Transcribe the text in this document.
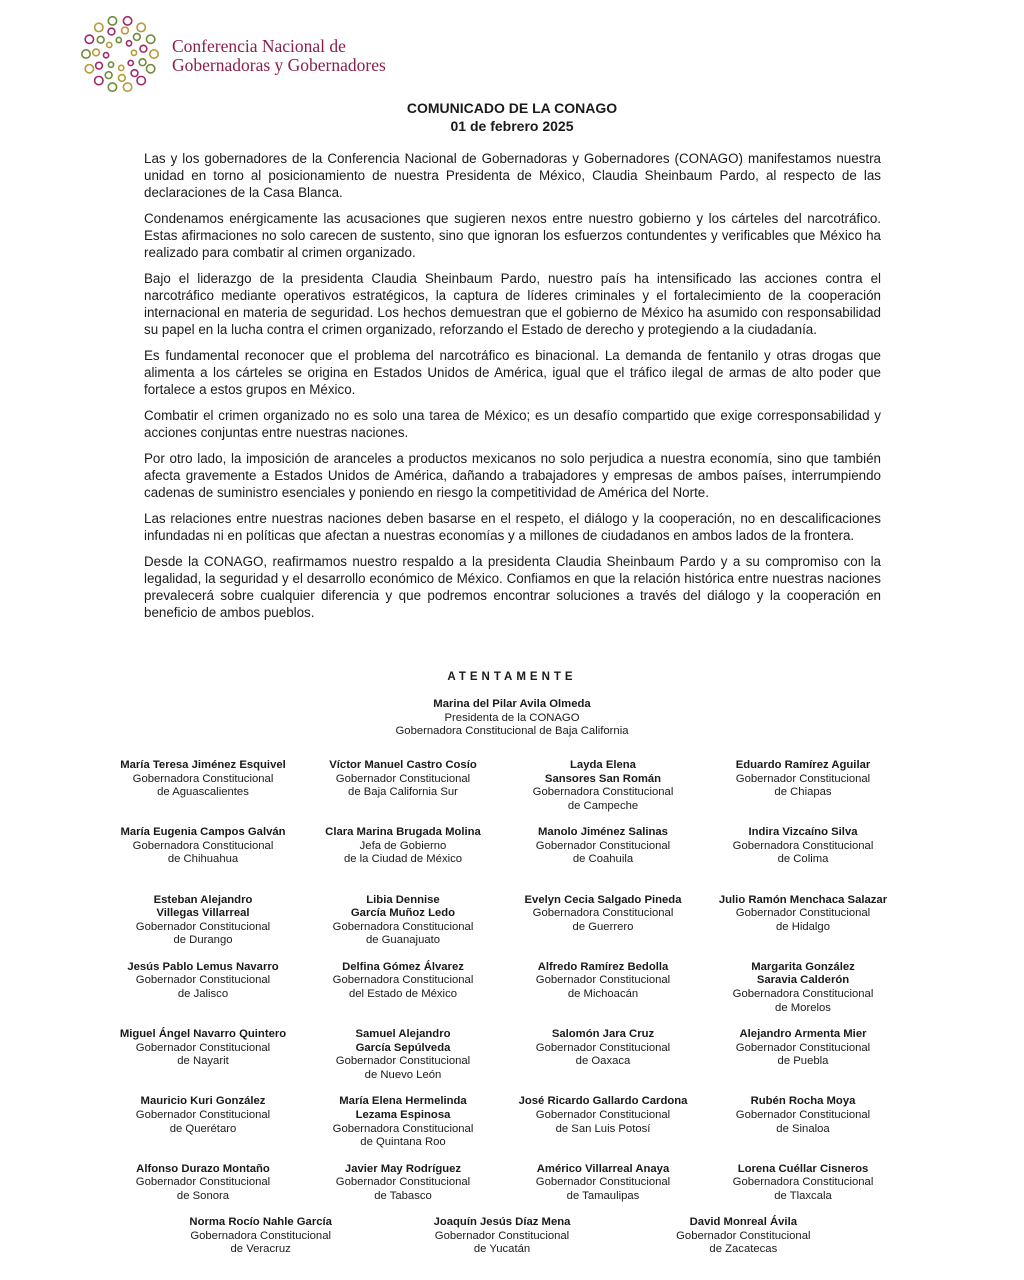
Conferencia Nacional de
Gobernadoras y Gobernadores
COMUNICADO DE LA CONAGO
01 de febrero 2025

Las y los gobernadores de la Conferencia Nacional de Gobernadoras y Gobernadores (CONAGO) manifestamos nuestra unidad en torno al posicionamiento de nuestra Presidenta de México, Claudia Sheinbaum Pardo, al respecto de las declaraciones de la Casa Blanca.

Condenamos enérgicamente las acusaciones que sugieren nexos entre nuestro gobierno y los cárteles del narcotráfico. Estas afirmaciones no solo carecen de sustento, sino que ignoran los esfuerzos contundentes y verificables que México ha realizado para combatir al crimen organizado.

Bajo el liderazgo de la presidenta Claudia Sheinbaum Pardo, nuestro país ha intensificado las acciones contra el narcotráfico mediante operativos estratégicos, la captura de líderes criminales y el fortalecimiento de la cooperación internacional en materia de seguridad. Los hechos demuestran que el gobierno de México ha asumido con responsabilidad su papel en la lucha contra el crimen organizado, reforzando el Estado de derecho y protegiendo a la ciudadanía.

Es fundamental reconocer que el problema del narcotráfico es binacional. La demanda de fentanilo y otras drogas que alimenta a los cárteles se origina en Estados Unidos de América, igual que el tráfico ilegal de armas de alto poder que fortalece a estos grupos en México.

Combatir el crimen organizado no es solo una tarea de México; es un desafío compartido que exige corresponsabilidad y acciones conjuntas entre nuestras naciones.

Por otro lado, la imposición de aranceles a productos mexicanos no solo perjudica a nuestra economía, sino que también afecta gravemente a Estados Unidos de América, dañando a trabajadores y empresas de ambos países, interrumpiendo cadenas de suministro esenciales y poniendo en riesgo la competitividad de América del Norte.

Las relaciones entre nuestras naciones deben basarse en el respeto, el diálogo y la cooperación, no en descalificaciones infundadas ni en políticas que afectan a nuestras economías y a millones de ciudadanos en ambos lados de la frontera.

Desde la CONAGO, reafirmamos nuestro respaldo a la presidenta Claudia Sheinbaum Pardo y a su compromiso con la legalidad, la seguridad y el desarrollo económico de México. Confiamos en que la relación histórica entre nuestras naciones prevalecerá sobre cualquier diferencia y que podremos encontrar soluciones a través del diálogo y la cooperación en beneficio de ambos pueblos.

ATENTAMENTE
Marina del Pilar Avila Olmeda
Presidenta de la CONAGO
Gobernadora Constitucional de Baja California
María Teresa Jiménez Esquivel
Gobernadora Constitucional
de Aguascalientes
Víctor Manuel Castro Cosío
Gobernador Constitucional
de Baja California Sur
Layda Elena
Sansores San Román
Gobernadora Constitucional
de Campeche
Eduardo Ramírez Aguilar
Gobernador Constitucional
de Chiapas
María Eugenia Campos Galván
Gobernadora Constitucional
de Chihuahua
Clara Marina Brugada Molina
Jefa de Gobierno
de la Ciudad de México
Manolo Jiménez Salinas
Gobernador Constitucional
de Coahuila
Indira Vizcaíno Silva
Gobernadora Constitucional
de Colima
Esteban Alejandro
Villegas Villarreal
Gobernador Constitucional
de Durango
Libia Dennise
García Muñoz Ledo
Gobernadora Constitucional
de Guanajuato
Evelyn Cecia Salgado Pineda
Gobernadora Constitucional
de Guerrero
Julio Ramón Menchaca Salazar
Gobernador Constitucional
de Hidalgo
Jesús Pablo Lemus Navarro
Gobernador Constitucional
de Jalisco
Delfina Gómez Álvarez
Gobernadora Constitucional
del Estado de México
Alfredo Ramírez Bedolla
Gobernador Constitucional
de Michoacán
Margarita González
Saravia Calderón
Gobernadora Constitucional
de Morelos
Miguel Ángel Navarro Quintero
Gobernador Constitucional
de Nayarit
Samuel Alejandro
García Sepúlveda
Gobernador Constitucional
de Nuevo León
Salomón Jara Cruz
Gobernador Constitucional
de Oaxaca
Alejandro Armenta Mier
Gobernador Constitucional
de Puebla
Mauricio Kuri González
Gobernador Constitucional
de Querétaro
María Elena Hermelinda
Lezama Espinosa
Gobernadora Constitucional
de Quintana Roo
José Ricardo Gallardo Cardona
Gobernador Constitucional
de San Luis Potosí
Rubén Rocha Moya
Gobernador Constitucional
de Sinaloa
Alfonso Durazo Montaño
Gobernador Constitucional
de Sonora
Javier May Rodríguez
Gobernador Constitucional
de Tabasco
Américo Villarreal Anaya
Gobernador Constitucional
de Tamaulipas
Lorena Cuéllar Cisneros
Gobernadora Constitucional
de Tlaxcala
Norma Rocío Nahle García
Gobernadora Constitucional
de Veracruz
Joaquín Jesús Díaz Mena
Gobernador Constitucional
de Yucatán
David Monreal Ávila
Gobernador Constitucional
de Zacatecas
